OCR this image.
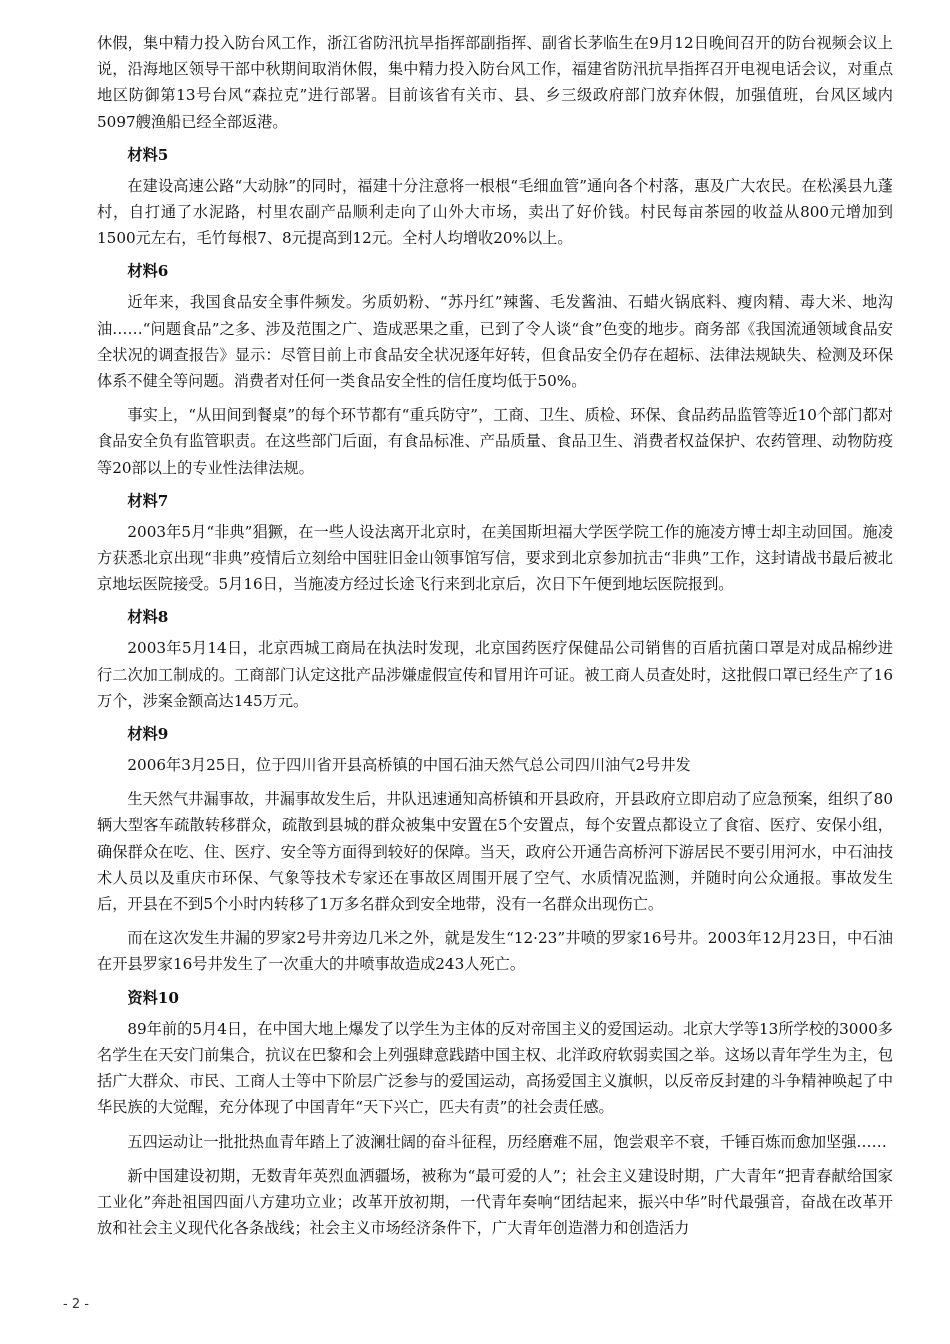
休假，集中精力投入防台风工作，浙江省防汛抗旱指挥部副指挥、副省长茅临生在9月12日晚间召开的防台视频会议上说，沿海地区领导干部中秋期间取消休假，集中精力投入防台风工作，福建省防汛抗旱指挥召开电视电话会议，对重点地区防御第13号台风“森拉克”进行部署。目前该省有关市、县、乡三级政府部门放弃休假，加强值班，台风区域内5097艘渔船已经全部返港。

材料5

在建设高速公路“大动脉”的同时，福建十分注意将一根根“毛细血管”通向各个村落，惠及广大农民。在松溪县九蓬村，自打通了水泥路，村里农副产品顺利走向了山外大市场，卖出了好价钱。村民每亩茶园的收益从800元增加到1500元左右，毛竹每根7、8元提高到12元。全村人均增收20%以上。

材料6

近年来，我国食品安全事件频发。劣质奶粉、“苏丹红”辣酱、毛发酱油、石蜡火锅底料、瘦肉精、毒大米、地沟油……“问题食品”之多、涉及范围之广、造成恶果之重，已到了令人谈“食”色变的地步。商务部《我国流通领域食品安全状况的调查报告》显示：尽管目前上市食品安全状况逐年好转，但食品安全仍存在超标、法律法规缺失、检测及环保体系不健全等问题。消费者对任何一类食品安全性的信任度均低于50%。

事实上，“从田间到餐桌”的每个环节都有“重兵防守”，工商、卫生、质检、环保、食品药品监管等近10个部门都对食品安全负有监管职责。在这些部门后面，有食品标准、产品质量、食品卫生、消费者权益保护、农药管理、动物防疫等20部以上的专业性法律法规。

材料7

2003年5月“非典”猖獗，在一些人设法离开北京时，在美国斯坦福大学医学院工作的施凌方博士却主动回国。施凌方获悉北京出现“非典”疫情后立刻给中国驻旧金山领事馆写信，要求到北京参加抗击“非典”工作，这封请战书最后被北京地坛医院接受。5月16日，当施凌方经过长途飞行来到北京后，次日下午便到地坛医院报到。

材料8

2003年5月14日，北京西城工商局在执法时发现，北京国药医疗保健品公司销售的百盾抗菌口罩是对成品棉纱进行二次加工制成的。工商部门认定这批产品涉嫌虚假宣传和冒用许可证。被工商人员查处时，这批假口罩已经生产了16万个，涉案金额高达145万元。

材料9

2006年3月25日，位于四川省开县高桥镇的中国石油天然气总公司四川油气2号井发

生天然气井漏事故，井漏事故发生后，井队迅速通知高桥镇和开县政府，开县政府立即启动了应急预案，组织了80辆大型客车疏散转移群众，疏散到县城的群众被集中安置在5个安置点，每个安置点都设立了食宿、医疗、安保小组，确保群众在吃、住、医疗、安全等方面得到较好的保障。当天，政府公开通告高桥河下游居民不要引用河水，中石油技术人员以及重庆市环保、气象等技术专家还在事故区周围开展了空气、水质情况监测，并随时向公众通报。事故发生后，开县在不到5个小时内转移了1万多名群众到安全地带，没有一名群众出现伤亡。

而在这次发生井漏的罗家2号井旁边几米之外，就是发生“12·23”井喷的罗家16号井。2003年12月23日，中石油在开县罗家16号井发生了一次重大的井喷事故造成243人死亡。

资料10

89年前的5月4日，在中国大地上爆发了以学生为主体的反对帝国主义的爱国运动。北京大学等13所学校的3000多名学生在天安门前集合，抗议在巴黎和会上列强肆意践踏中国主权、北洋政府软弱卖国之举。这场以青年学生为主，包括广大群众、市民、工商人士等中下阶层广泛参与的爱国运动，高扬爱国主义旗帜，以反帝反封建的斗争精神唤起了中华民族的大觉醒，充分体现了中国青年“天下兴亡，匹夫有责”的社会责任感。

五四运动让一批批热血青年踏上了波澜壮阔的奋斗征程，历经磨难不屈，饱尝艰辛不衰，千锤百炼而愈加坚强……

新中国建设初期，无数青年英烈血洒疆场，被称为“最可爱的人”；社会主义建设时期，广大青年“把青春献给国家工业化”奔赴祖国四面八方建功立业；改革开放初期，一代青年奏响“团结起来，振兴中华”时代最强音，奋战在改革开放和社会主义现代化各条战线；社会主义市场经济条件下，广大青年创造潜力和创造活力

- 2 -
